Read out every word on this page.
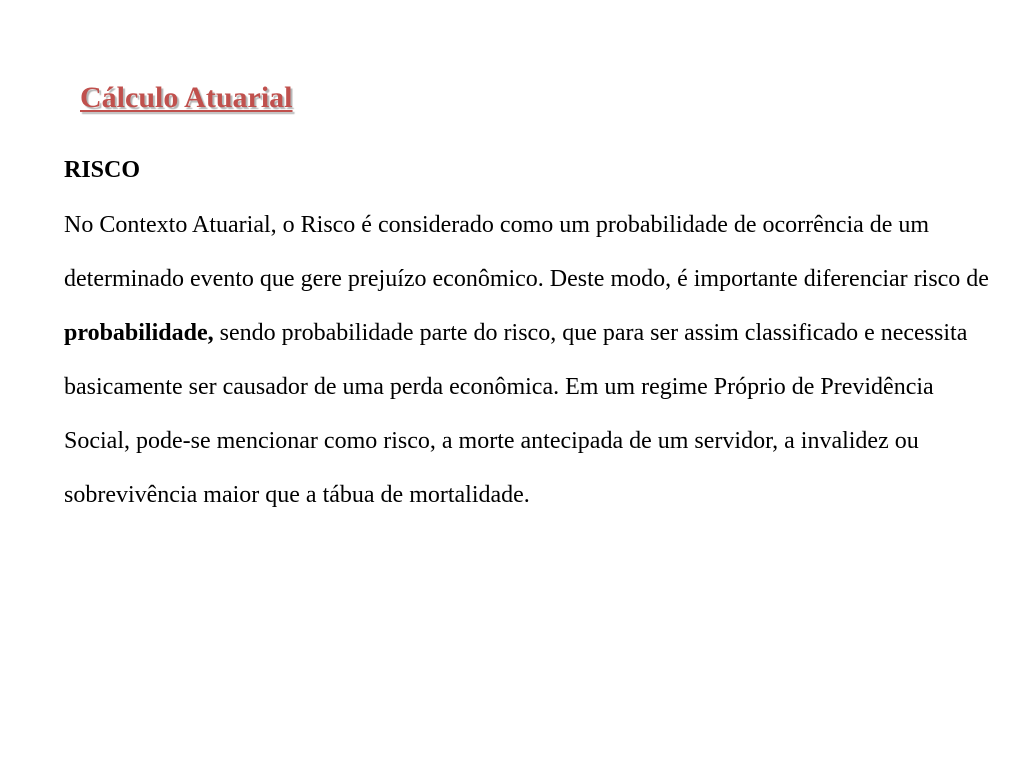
Cálculo Atuarial
RISCO

No Contexto Atuarial, o Risco é considerado como um probabilidade de ocorrência de um determinado evento que gere prejuízo econômico. Deste modo, é importante diferenciar risco de probabilidade, sendo probabilidade parte do risco, que para ser assim classificado e necessita basicamente ser causador de uma perda econômica. Em um regime Próprio de Previdência Social, pode-se mencionar como risco, a morte antecipada de um servidor, a invalidez ou sobrevivência maior que a tábua de mortalidade.
